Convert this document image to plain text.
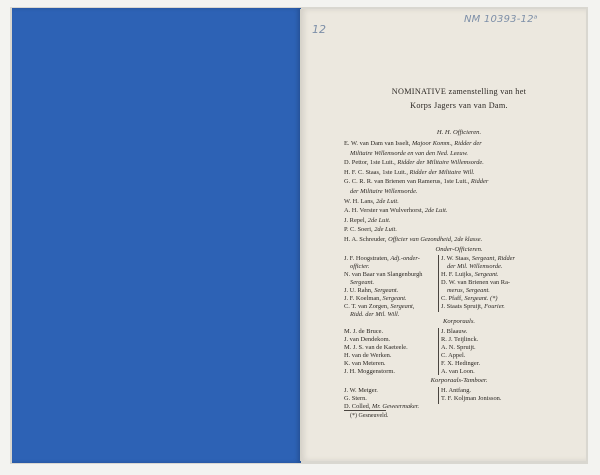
12
NM 10393-12ᵃ
NOMINATIVE zamenstelling van het
Korps Jagers van van Dam.
H. H. Officieren.
E. W. van Dam van Isselt, Majoor Komm., Ridder der
Militaire Willemsorde en van den Ned. Leeuw.
D. Pettor, 1ste Luit., Ridder der Militaire Willemsorde.
H. F. C. Staas, 1ste Luit., Ridder der Militaire Will.
G. C. R. R. van Brienen van Ramerus, 1ste Luit., Ridder
der Militaire Willemsorde.
W. H. Lans, 2de Luit.
A. H. Verster van Wulverhorst, 2de Luit.
J. Repel, 2de Luit.
P. C. Soeri, 2de Luit.
H. A. Schreuder, Officier van Gezondheid, 2de klasse.
Onder-Officieren.
J. F. Hoogstraten, Adj.-onder-
officier.
N. van Baar van Slangenburgh
Sergeant.
J. U. Rahn, Sergeant.
J. F. Koelman, Sergeant.
C. T. van Zorgen, Sergeant,
Ridd. der Mil. Will.
J. W. Staas, Sergeant, Ridder
der Mil. Willemsorde.
H. F. Luijks, Sergeant.
D. W. van Brienen van Ra-
merus, Sergeant.
C. Pfaff, Sergeant. (*)
J. Staats Spruijt, Fourier.
Korporaals.
M. J. de Bruce.
J. van Dendekom.
M. J. S. van de Kaeteele.
H. van de Werken.
K. van Meteren.
J. H. Moggenstorm.
J. Blaauw.
R. J. Teijlinck.
A. N. Spruijt.
C. Appel.
F. X. Hedinger.
A. van Loon.
Korporaals-Tamboer.
J. W. Metger.
G. Stern.
D. Colled, Mr. Geweermaker.
H. Antfang.
T. F. Koljman Jonisson.
(*) Gesneuveld.
